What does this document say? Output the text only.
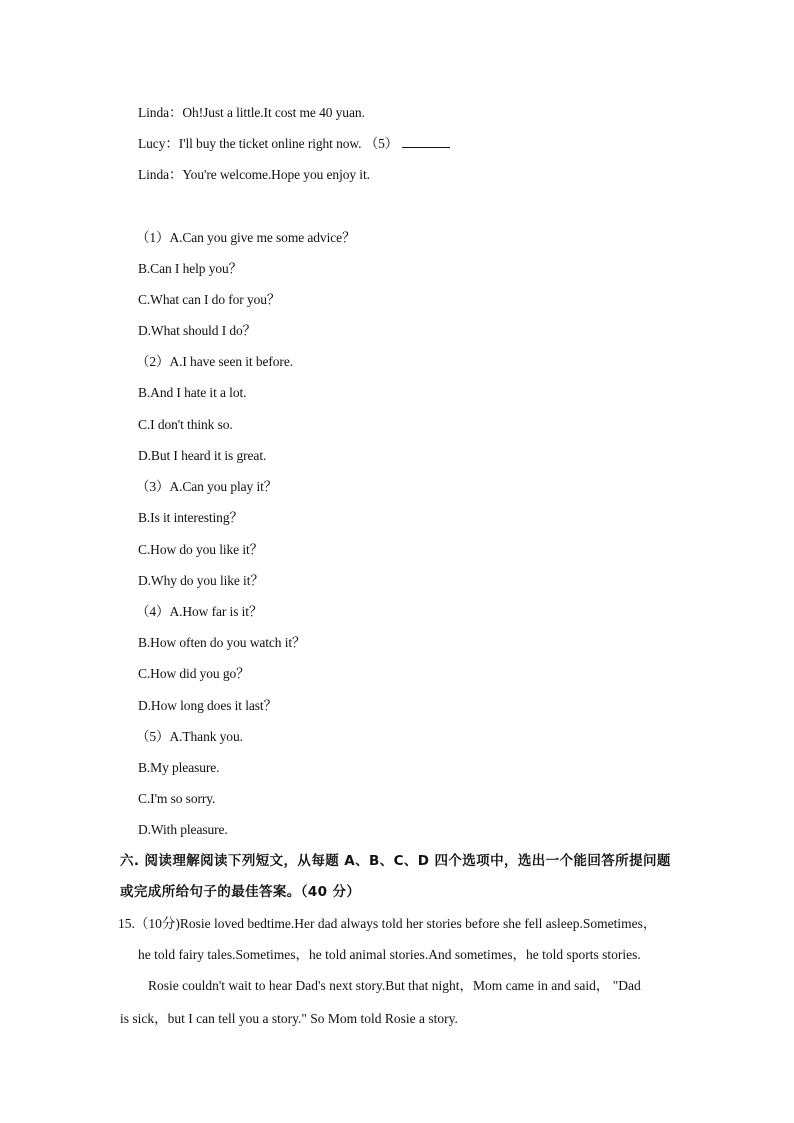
Linda：Oh!Just a little.It cost me 40 yuan.
Lucy：I'll buy the ticket online right now. （5）
Linda：You're welcome.Hope you enjoy it.
（1）A.Can you give me some advice？
B.Can I help you？
C.What can I do for you？
D.What should I do？
（2）A.I have seen it before.
B.And I hate it a lot.
C.I don't think so.
D.But I heard it is great.
（3）A.Can you play it？
B.Is it interesting？
C.How do you like it？
D.Why do you like it？
（4）A.How far is it？
B.How often do you watch it？
C.How did you go？
D.How long does it last？
（5）A.Thank you.
B.My pleasure.
C.I'm so sorry.
D.With pleasure.
六. 阅读理解阅读下列短文，从每题 A、B、C、D 四个选项中，选出一个能回答所提问题
或完成所给句子的最佳答案。（40 分）
15.（10分)Rosie loved bedtime.Her dad always told her stories before she fell asleep.Sometimes，
he told fairy tales.Sometimes，he told animal stories.And sometimes，he told sports stories.
Rosie couldn't wait to hear Dad's next story.But that night，Mom came in and said， "Dad
is sick，but I can tell you a story." So Mom told Rosie a story.
